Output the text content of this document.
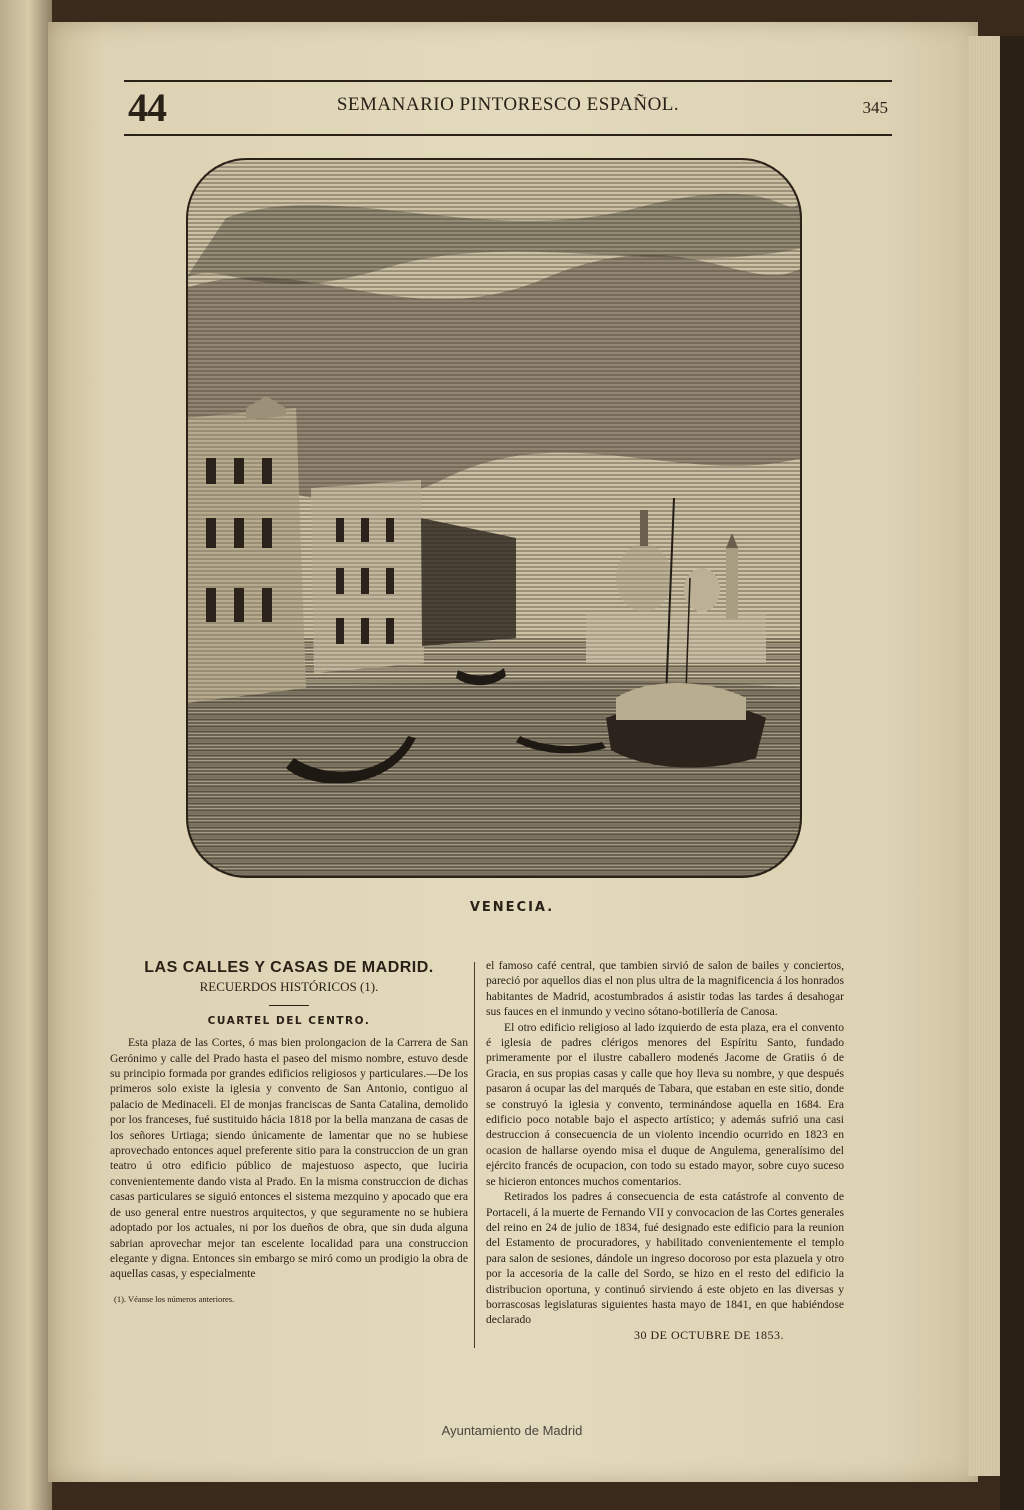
44	SEMANARIO PINTORESCO ESPAÑOL.	345
VENECIA.
LAS CALLES Y CASAS DE MADRID.
RECUERDOS HISTÓRICOS (1).
CUARTEL DEL CENTRO.

Esta plaza de las Cortes, ó mas bien prolongacion de la Carrera de San Gerónimo y calle del Prado hasta el paseo del mismo nombre, estuvo desde su principio formada por grandes edificios religiosos y particulares.—De los primeros solo existe la iglesia y convento de San Antonio, contiguo al palacio de Medinaceli. El de monjas franciscas de Santa Catalina, demolido por los franceses, fué sustituido hácia 1818 por la bella manzana de casas de los señores Urtiaga; siendo únicamente de lamentar que no se hubiese aprovechado entonces aquel preferente sitio para la construccion de un gran teatro ú otro edificio público de majestuoso aspecto, que luciria convenientemente dando vista al Prado. En la misma construccion de dichas casas particulares se siguió entonces el sistema mezquino y apocado que era de uso general entre nuestros arquitectos, y que seguramente no se hubiera adoptado por los actuales, ni por los dueños de obra, que sin duda alguna sabrian aprovechar mejor tan escelente localidad para una construccion elegante y digna. Entonces sin embargo se miró como un prodigio la obra de aquellas casas, y especialmente

(1). Véanse los números anteriores.

el famoso café central, que tambien sirvió de salon de bailes y conciertos, pareció por aquellos dias el non plus ultra de la magnificencia á los honrados habitantes de Madrid, acostumbrados á asistir todas las tardes á desahogar sus fauces en el inmundo y vecino sótano-botillería de Canosa.

El otro edificio religioso al lado izquierdo de esta plaza, era el convento é iglesia de padres clérigos menores del Espíritu Santo, fundado primeramente por el ilustre caballero modenés Jacome de Gratiis ó de Gracia, en sus propias casas y calle que hoy lleva su nombre, y que después pasaron á ocupar las del marqués de Tabara, que estaban en este sitio, donde se construyó la iglesia y convento, terminándose aquella en 1684. Era edificio poco notable bajo el aspecto artístico; y además sufrió una casi destruccion á consecuencia de un violento incendio ocurrido en 1823 en ocasion de hallarse oyendo misa el duque de Angulema, generalísimo del ejército francés de ocupacion, con todo su estado mayor, sobre cuyo suceso se hicieron entonces muchos comentarios.

Retirados los padres á consecuencia de esta catástrofe al convento de Portaceli, á la muerte de Fernando VII y convocacion de las Cortes generales del reino en 24 de julio de 1834, fué designado este edificio para la reunion del Estamento de procuradores, y habilitado convenientemente el templo para salon de sesiones, dándole un ingreso docoroso por esta plazuela y otro por la accesoria de la calle del Sordo, se hizo en el resto del edificio la distribucion oportuna, y continuó sirviendo á este objeto en las diversas y borrascosas legislaturas siguientes hasta mayo de 1841, en que habiéndose declarado

30 DE OCTUBRE DE 1853.
Ayuntamiento de Madrid
